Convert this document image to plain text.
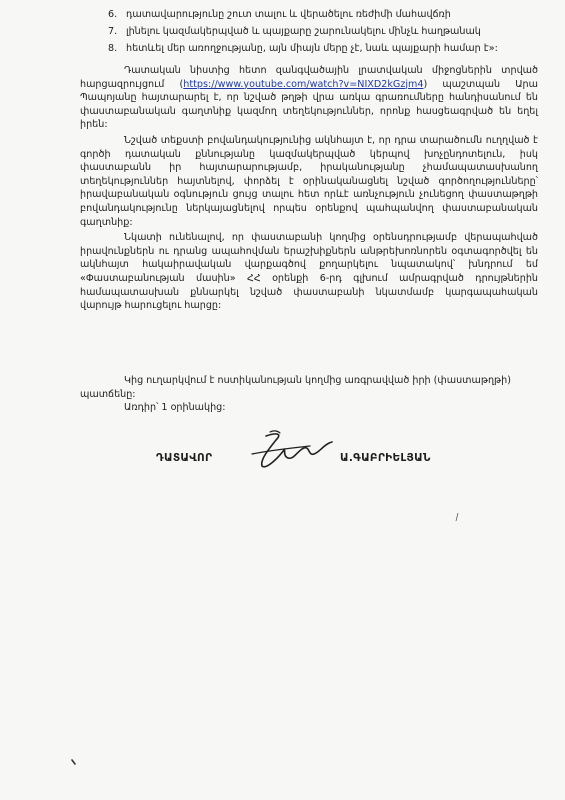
6. դատավարությունը շուտ տալու և վերածելու ռեժիմի մահավճռի
7. լինելու կազմակերպված և պայքարը շարունակելու մինչև հաղթանակ
8. հետևել մեր առողջությանը, այն միայն մերը չէ, նաև պայքարի համար է»:

Դատական նիստից հետո զանգվածային լրատվական միջոցներին տրված հարցազրույցում (https://www.youtube.com/watch?v=NIXD2kGzjm4) պաշտպան Արա Պապոյանը հայտարարել է, որ նշված թղթի վրա առկա գրառումները հանդիսանում են փաստաբանական գաղտնիք կազմող տեղեկություններ, որոնք հասցեագրված են եղել իրեն:

Նշված տեքստի բովանդակությունից ակնհայտ է, որ դրա տարածումն ուղղված է գործի դատական քննությանը կազմակերպված կերպով խոչընդոտելուն, իսկ փաստաբանն իր հայտարարությամբ, իրականությանը չհամապատասխանող տեղեկություններ հայտնելով, փորձել է օրինականացնել նշված գործողությունները՝ իրավաբանական օգնություն ցույց տալու հետ որևէ առնչություն չունեցող փաստաթղթի բովանդակությունը ներկայացնելով որպես օրենքով պահպանվող փաստաբանական գաղտնիք:

Նկատի ունենալով, որ փաստաբանի կողմից օրենսդրությամբ վերապահված իրավունքներն ու դրանց ապահովման երաշխիքներն անթրեխոռնորեն օգտագործվել են ակնհայտ հակաիրավական վարքագծով քողարկելու նպատակով՝ խնդրում եմ «Փաստաբանության մասին» ՀՀ օրենքի 6-րդ գլխում ամրագրված դրույթներին համապատասխան քննարկել նշված փաստաբանի նկատմամբ կարգապահական վարույթ հարուցելու հարցը:

Կից ուղարկվում է ոստիկանության կողմից առգրավված իրի (փաստաթղթի) պատճենը:

Առդիր՝ 1 օրինակից:

ԴԱՏԱՎՈՐ	Ա.ԳԱԲՐԻԵԼՅԱՆ
